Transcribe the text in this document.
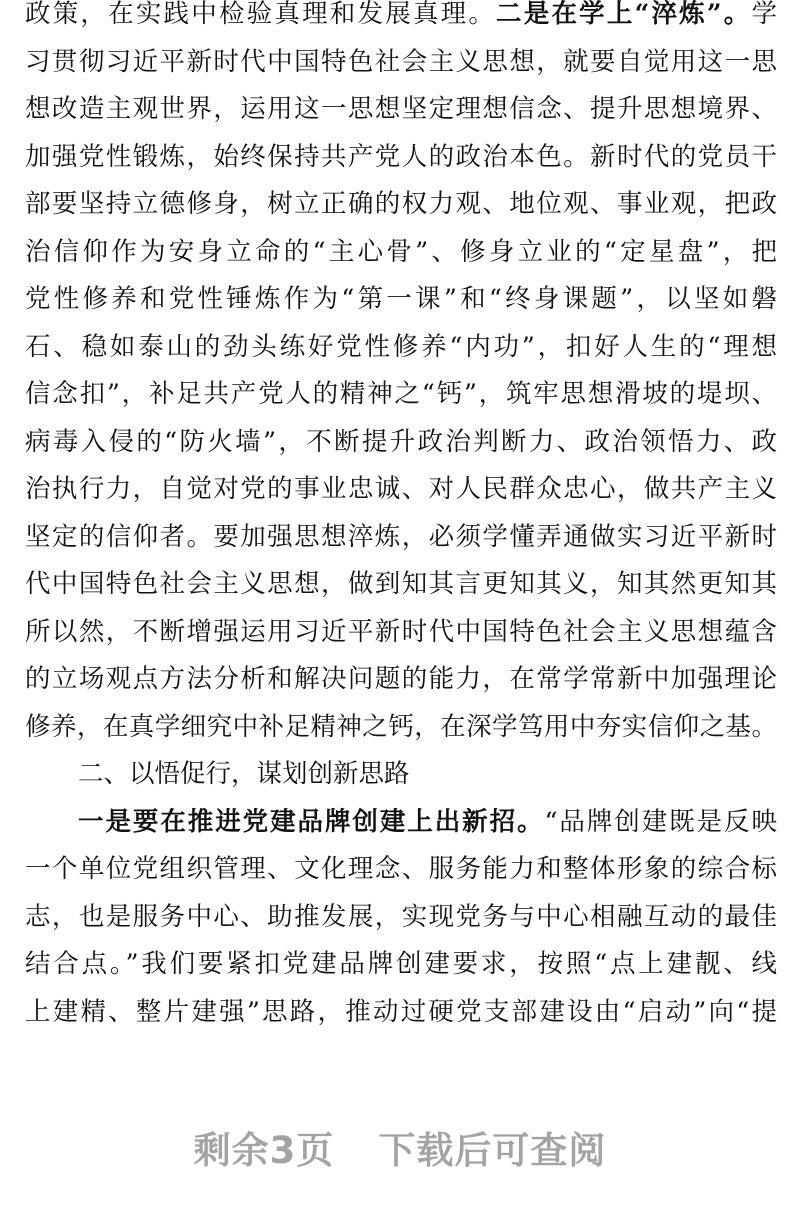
政策，在实践中检验真理和发展真理。二是在学上“淬炼”。学
习贯彻习近平新时代中国特色社会主义思想，就要自觉用这一思
想改造主观世界，运用这一思想坚定理想信念、提升思想境界、
加强党性锻炼，始终保持共产党人的政治本色。新时代的党员干
部要坚持立德修身，树立正确的权力观、地位观、事业观，把政
治信仰作为安身立命的“主心骨”、修身立业的“定星盘”，把
党性修养和党性锤炼作为“第一课”和“终身课题”，以坚如磐
石、稳如泰山的劲头练好党性修养“内功”，扣好人生的“理想
信念扣”，补足共产党人的精神之“钙”，筑牢思想滑坡的堤坝、
病毒入侵的“防火墙”，不断提升政治判断力、政治领悟力、政
治执行力，自觉对党的事业忠诚、对人民群众忠心，做共产主义
坚定的信仰者。要加强思想淬炼，必须学懂弄通做实习近平新时
代中国特色社会主义思想，做到知其言更知其义，知其然更知其
所以然，不断增强运用习近平新时代中国特色社会主义思想蕴含
的立场观点方法分析和解决问题的能力，在常学常新中加强理论
修养，在真学细究中补足精神之钙，在深学笃用中夯实信仰之基。
二、以悟促行，谋划创新思路
一是要在推进党建品牌创建上出新招。“品牌创建既是反映
一个单位党组织管理、文化理念、服务能力和整体形象的综合标
志，也是服务中心、助推发展，实现党务与中心相融互动的最佳
结合点。”我们要紧扣党建品牌创建要求，按照“点上建靓、线
上建精、整片建强”思路，推动过硬党支部建设由“启动”向“提
剩余3页 下载后可查阅
